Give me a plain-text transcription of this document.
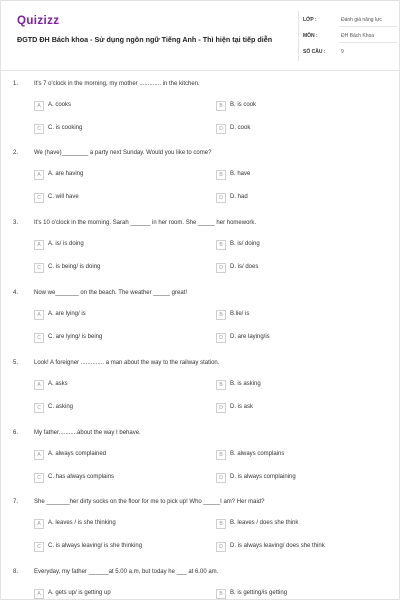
Quizizz
ĐGTD ĐH Bách khoa - Sử dụng ngôn ngữ Tiếng Anh - Thì hiện tại tiếp diễn
LỚP :	Đánh giá năng lực
MÔN :	ĐH Bách Khoa
SỐ CÂU :	9
1.	It's 7 o'clock in the morning, my mother ............. in the kitchen.
A	A. cooks	B	B. is cook
C	C. is cooking	D	D. cook
2.	We (have)________ a party next Sunday. Would you like to come?
A	A. are having	B	B. have
C	C. will have	D	D. had
3.	It's 10 o'clock in the morning. Sarah ______ in her room. She _____ her homework.
A	A. is/ is doing	B	B. is/ doing
C	C. is being/ is doing	D	D. is/ does
4.	Now we_______ on the beach. The weather _____ great!
A	A. are lying/ is	B	B.lie/ is
C	C. are lying/ is being	D	D. are laying/is
5.	Look! A foreigner .............. a man about the way to the railway station.
A	A. asks	B	B. is asking
C	C. asking	D	D. is ask
6.	My father...........about the way I behave.
A	A. always complained	B	B. always complains
C	C. has always complains	D	D. is always complaining
7.	She _______her dirty socks on the floor for me to pick up! Who _____I am? Her maid?
A	A. leaves / is she thinking	B	B. leaves / does she think
C	C. is always leaving/ is she thinking	D	D. is always leaving/ does she think
8.	Everyday, my father ______at 5.00 a.m, but today he ___ at 6.00 am.
A	A. gets up/ is getting up	B	B. is getting/is getting
